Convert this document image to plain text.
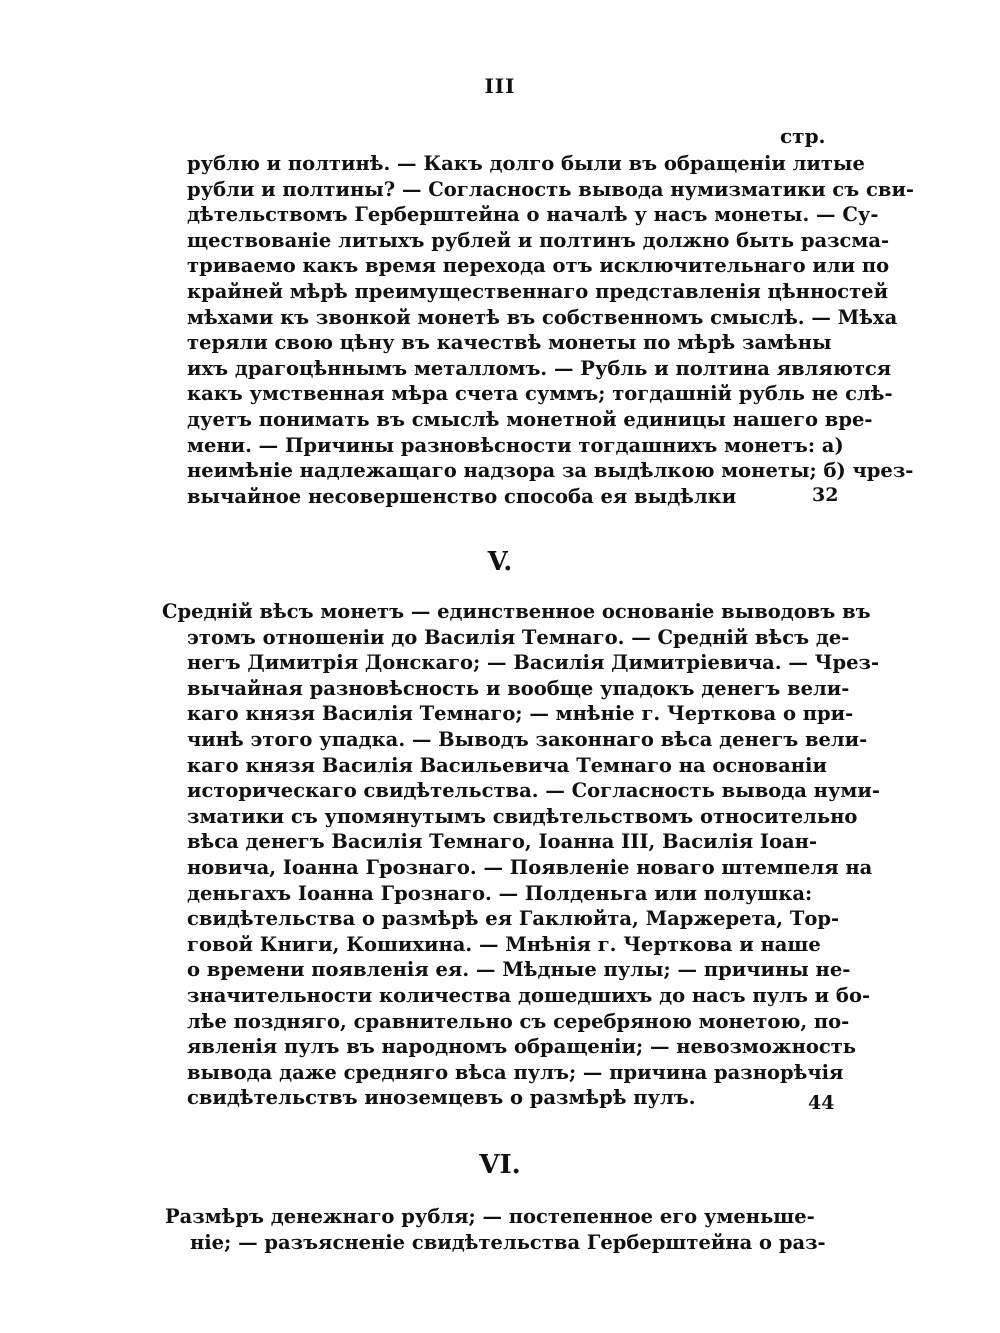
III
стр.
рублю и полтинѣ. — Какъ долго были въ обращеніи литые
рубли и полтины? — Согласность вывода нумизматики съ сви-
дѣтельствомъ Герберштейна о началѣ у насъ монеты. — Су-
ществованіе литыхъ рублей и полтинъ должно быть разсма-
триваемо какъ время перехода отъ исключительнаго или по
крайней мѣрѣ преимущественнаго представленія цѣнностей
мѣхами къ звонкой монетѣ въ собственномъ смыслѣ. — Мѣха
теряли свою цѣну въ качествѣ монеты по мѣрѣ замѣны
ихъ драгоцѣннымъ металломъ. — Рубль и полтина являются
какъ умственная мѣра счета суммъ; тогдашній рубль не слѣ-
дуетъ понимать въ смыслѣ монетной единицы нашего вре-
мени. — Причины разновѣсности тогдашнихъ монетъ: а)
неимѣніе надлежащаго надзора за выдѣлкою монеты; б) чрез-
вычайное несовершенство способа ея выдѣлки	32
V.
Средній вѣсъ монетъ — единственное основаніе выводовъ въ
этомъ отношеніи до Василія Темнаго. — Средній вѣсъ де-
негъ Димитрія Донскаго; — Василія Димитріевича. — Чрез-
вычайная разновѣсность и вообще упадокъ денегъ вели-
каго князя Василія Темнаго; — мнѣніе г. Черткова о при-
чинѣ этого упадка. — Выводъ законнаго вѣса денегъ вели-
каго князя Василія Васильевича Темнаго на основаніи
историческаго свидѣтельства. — Согласность вывода нуми-
зматики съ упомянутымъ свидѣтельствомъ относительно
вѣса денегъ Василія Темнаго, Іоанна III, Василія Іоан-
новича, Іоанна Грознаго. — Появленіе новаго штемпеля на
деньгахъ Іоанна Грознаго. — Полденьга или полушка:
свидѣтельства о размѣрѣ ея Гаклюйта, Маржерета, Тор-
говой Книги, Кошихина. — Мнѣнія г. Черткова и наше
о времени появленія ея. — Мѣдные пулы; — причины не-
значительности количества дошедшихъ до насъ пулъ и бо-
лѣе поздняго, сравнительно съ серебряною монетою, по-
явленія пулъ въ народномъ обращеніи; — невозможность
вывода даже средняго вѣса пулъ; — причина разнорѣчія
свидѣтельствъ иноземцевъ о размѣрѣ пулъ.	44
VI.
Размѣръ денежнаго рубля; — постепенное его уменьше-
ніе; — разъясненіе свидѣтельства Герберштейна о раз-
